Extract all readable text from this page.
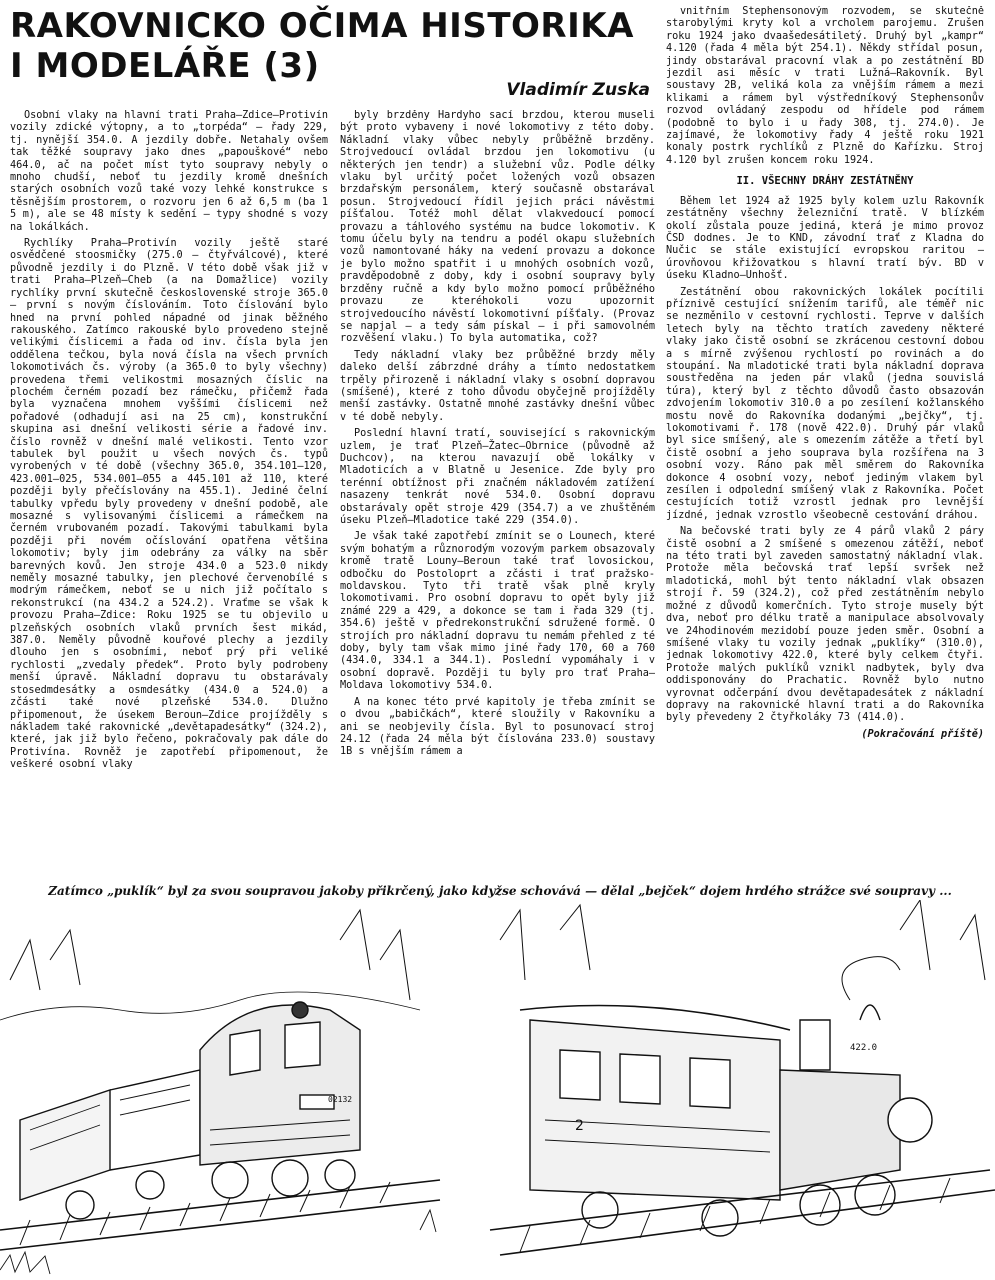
RAKOVNICKO OČIMA HISTORIKA I MODELÁŘE (3)
Vladimír Zuska

Osobní vlaky na hlavní trati Praha—Zdice—Protivín vozily zdické výtopny, a to „torpéda“ — řady 229, tj. nynější 354.0. A jezdily dobře. Netahaly ovšem tak těžké soupravy jako dnes „papouškové“ nebo 464.0, ač na počet míst tyto soupravy nebyly o mnoho chudší, neboť tu jezdily kromě dnešních starých osobních vozů také vozy lehké konstrukce s těsnějším prostorem, o rozvoru jen 6 až 6,5 m (ba 1 5 m), ale se 48 místy k sedění — typy shodné s vozy na lokálkách.

Rychlíky Praha—Protivín vozily ještě staré osvědčené stoosmičky (275.0 — čtyřválcové), které původně jezdily i do Plzně. V této době však již v trati Praha—Plzeň—Cheb (a na Domažlice) vozily rychlíky první skutečně československé stroje 365.0 — první s novým číslováním. Toto číslování bylo hned na první pohled nápadné od jinak běžného rakouského. Zatímco rakouské bylo provedeno stejně velikými číslicemi a řada od inv. čísla byla jen oddělena tečkou, byla nová čísla na všech prvních lokomotivách čs. výroby (a 365.0 to byly všechny) provedena třemi velikostmi mosazných číslic na plochém černém pozadí bez rámečku, přičemž řada byla vyznačena mnohem vyššími číslicemi než pořadové (odhadují asi na 25 cm), konstrukční skupina asi dnešní velikosti série a řadové inv. číslo rovněž v dnešní malé velikosti. Tento vzor tabulek byl použit u všech nových čs. typů vyrobených v té době (všechny 365.0, 354.101—120, 423.001—025, 534.001—055 a 445.101 až 110, které později byly přečíslovány na 455.1). Jediné čelní tabulky vpředu byly provedeny v dnešní podobě, ale mosazné s vylisovanými číslicemi a rámečkem na černém vrubovaném pozadí. Takovými tabulkami byla později při novém očíslování opatřena většina lokomotiv; byly jim odebrány za války na sběr barevných kovů. Jen stroje 434.0 a 523.0 nikdy neměly mosazné tabulky, jen plechové červenobílé s modrým rámečkem, neboť se u nich již počítalo s rekonstrukcí (na 434.2 a 524.2). Vraťme se však k provozu Praha—Zdice: Roku 1925 se tu objevilo u plzeňských osobních vlaků prvních šest mikád, 387.0. Neměly původně kouřové plechy a jezdily dlouho jen s osobními, neboť prý při veliké rychlosti „zvedaly předek“. Proto byly podrobeny menší úpravě. Nákladní dopravu tu obstarávaly stosedmdesátky a osmdesátky (434.0 a 524.0) a zčásti také nové plzeňské 534.0. Dlužno připomenout, že úsekem Beroun—Zdice projížděly s nákladem také rakovnické „devětapadesátky“ (324.2), které, jak již bylo řečeno, pokračovaly pak dále do Protivína. Rovněž je zapotřebí připomenout, že veškeré osobní vlaky

byly brzděny Hardyho sací brzdou, kterou museli být proto vybaveny i nové lokomotivy z této doby. Nákladní vlaky vůbec nebyly průběžně brzděny. Strojvedoucí ovládal brzdou jen lokomotivu (u některých jen tendr) a služební vůz. Podle délky vlaku byl určitý počet ložených vozů obsazen brzdařským personálem, který současně obstarával posun. Strojvedoucí řídil jejich práci návěstmi píšťalou. Totéž mohl dělat vlakvedoucí pomocí provazu a táhlového systému na budce lokomotiv. K tomu účelu byly na tendru a podél okapu služebních vozů namontované háky na vedení provazu a dokonce je bylo možno spatřit i u mnohých osobních vozů, pravděpodobně z doby, kdy i osobní soupravy byly brzděny ručně a kdy bylo možno pomocí průběžného provazu ze kteréhokoli vozu upozornit strojvedoucího návěstí lokomotivní píšťaly. (Provaz se napjal — a tedy sám pískal — i při samovolném rozvěšení vlaku.) To byla automatika, což?

Tedy nákladní vlaky bez průběžné brzdy měly daleko delší zábrzdné dráhy a tímto nedostatkem trpěly přirozeně i nákladní vlaky s osobní dopravou (smíšené), které z toho důvodu obyčejně projížděly menší zastávky. Ostatně mnohé zastávky dnešní vůbec v té době nebyly.

Poslední hlavní tratí, související s rakovnickým uzlem, je trať Plzeň—Žatec—Obrnice (původně až Duchcov), na kterou navazují obě lokálky v Mladoticích a v Blatně u Jesenice. Zde byly pro terénní obtížnost při značném nákladovém zatížení nasazeny tenkrát nové 534.0. Osobní dopravu obstarávaly opět stroje 429 (354.7) a ve zhuštěném úseku Plzeň—Mladotice také 229 (354.0).

Je však také zapotřebí zmínit se o Lounech, které svým bohatým a různorodým vozovým parkem obsazovaly kromě tratě Louny—Beroun také trať lovosickou, odbočku do Postoloprt a zčásti i trať pražsko-moldavskou. Tyto tři tratě však plně kryly lokomotivami. Pro osobní dopravu to opět byly již známé 229 a 429, a dokonce se tam i řada 329 (tj. 354.6) ještě v předrekonstrukční sdružené formě. O strojích pro nákladní dopravu tu nemám přehled z té doby, byly tam však mimo jiné řady 170, 60 a 760 (434.0, 334.1 a 344.1). Poslední vypomáhaly i v osobní dopravě. Později tu byly pro trať Praha—Moldava lokomotivy 534.0.

A na konec této prvé kapitoly je třeba zmínit se o dvou „babičkách“, které sloužily v Rakovníku a ani se neobjevily čísla. Byl to posunovací stroj 24.12 (řada 24 měla být číslována 233.0) soustavy 1B s vnějším rámem a

vnitřním Stephensonovým rozvodem, se skutečně starobylými kryty kol a vrcholem parojemu. Zrušen roku 1924 jako dvaašedesátiletý. Druhý byl „kampr“ 4.120 (řada 4 měla být 254.1). Někdy střídal posun, jindy obstarával pracovní vlak a po zestátnění BD jezdil asi měsíc v trati Lužná—Rakovník. Byl soustavy 2B, veliká kola za vnějším rámem a mezi klikami a rámem byl výstředníkový Stephensonův rozvod ovládaný zespodu od hřídele pod rámem (podobně to bylo i u řady 308, tj. 274.0). Je zajímavé, že lokomotivy řady 4 ještě roku 1921 konaly postrk rychlíků z Plzně do Kařízku. Stroj 4.120 byl zrušen koncem roku 1924.

II. VŠECHNY DRÁHY ZESTÁTNĚNY

Během let 1924 až 1925 byly kolem uzlu Rakovník zestátněny všechny železniční tratě. V blízkém okolí zůstala pouze jediná, která je mimo provoz ČSD dodnes. Je to KND, závodní trať z Kladna do Nučic se stále existující evropskou raritou — úrovňovou křižovatkou s hlavní tratí býv. BD v úseku Kladno—Unhošť.

Zestátnění obou rakovnických lokálek pocítili příznivě cestující snížením tarifů, ale téměř nic se nezměnilo v cestovní rychlosti. Teprve v dalších letech byly na těchto tratích zavedeny některé vlaky jako čistě osobní se zkrácenou cestovní dobou a s mírně zvýšenou rychlostí po rovinách a do stoupání. Na mladotické trati byla nákladní doprava soustředěna na jeden pár vlaků (jedna souvislá túra), který byl z těchto důvodů často obsazován zdvojením lokomotiv 310.0 a po zesílení kožlanského mostu nově do Rakovníka dodanými „bejčky“, tj. lokomotivami ř. 178 (nově 422.0). Druhý pár vlaků byl sice smíšený, ale s omezením zátěže a třetí byl čistě osobní a jeho souprava byla rozšířena na 3 osobní vozy. Ráno pak měl směrem do Rakovníka dokonce 4 osobní vozy, neboť jediným vlakem byl zesílen i odpolední smíšený vlak z Rakovníka. Počet cestujících totiž vzrostl jednak pro levnější jízdné, jednak vzrostlo všeobecně cestování dráhou.

Na bečovské trati byly ze 4 párů vlaků 2 páry čistě osobní a 2 smíšené s omezenou zátěží, neboť na této trati byl zaveden samostatný nákladní vlak. Protože měla bečovská trať lepší svršek než mladotická, mohl být tento nákladní vlak obsazen strojí ř. 59 (324.2), což před zestátněním nebylo možné z důvodů komerčních. Tyto stroje musely být dva, neboť pro délku tratě a manipulace absolvovaly ve 24hodinovém mezidobí pouze jeden směr. Osobní a smíšené vlaky tu vozily jednak „puklíky“ (310.0), jednak lokomotivy 422.0, které byly celkem čtyři. Protože malých puklíků vznikl nadbytek, byly dva oddisponovány do Prachatic. Rovněž bylo nutno vyrovnat odčerpání dvou devětapadesátek z nákladní dopravy na rakovnické hlavní trati a do Rakovníka byly převedeny 2 čtyřkoláky 73 (414.0).

(Pokračování příště)

Zatímco „puklík“ byl za svou soupravou jakoby přikrčený, jako kdyžse schovává — dělal „bejček“ dojem hrdého strážce své soupravy ...

02132
2
422.0
